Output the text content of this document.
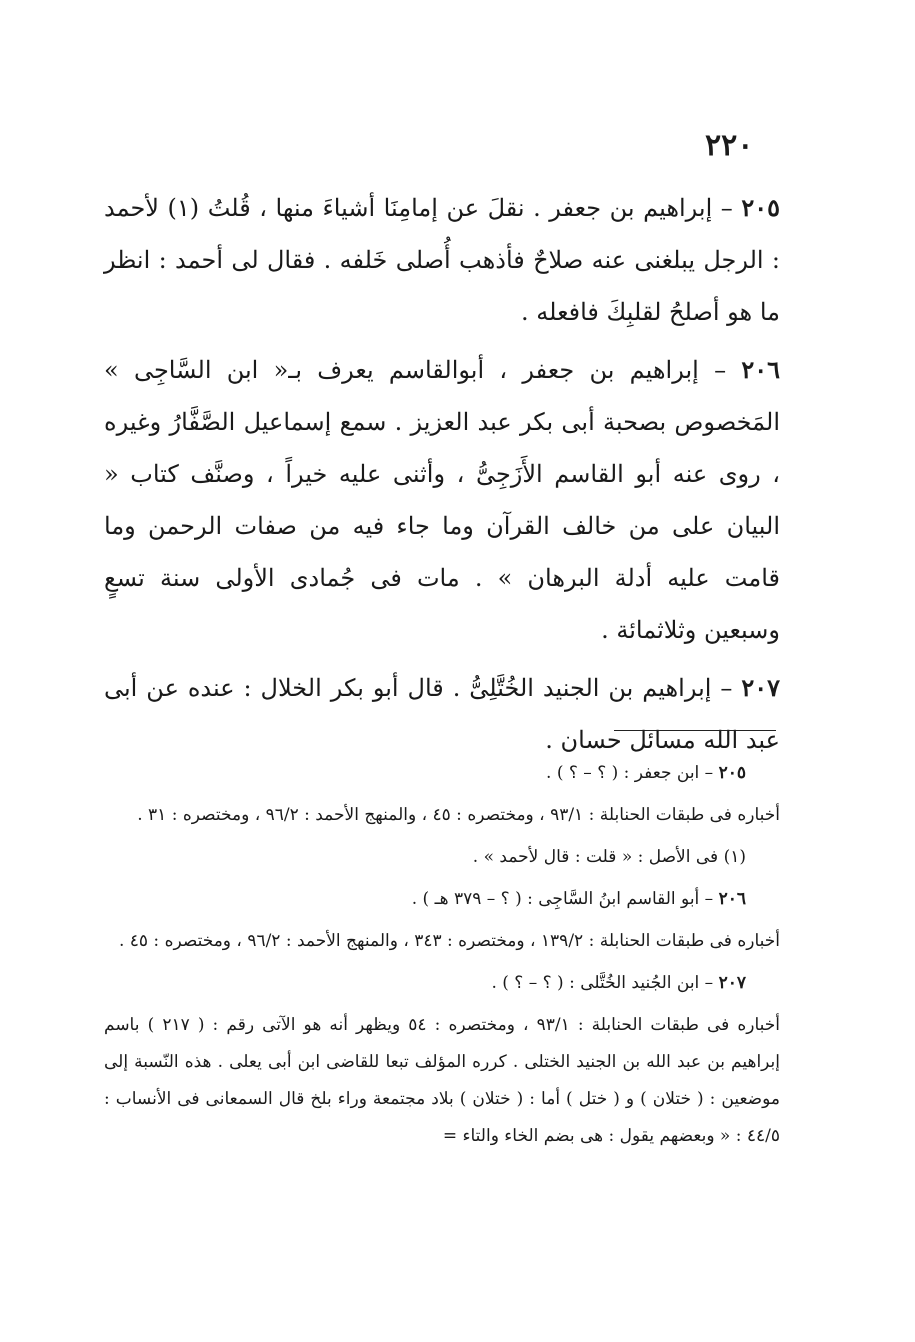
٢٢٠

٢٠٥ – إبراهيم بن جعفر . نقلَ عن إمامِنَا أشياءَ منها ، قُلتُ (١) لأحمد : الرجل يبلغنى عنه صلاحٌ فأذهب أُصلى خَلفه . فقال لى أحمد : انظر ما هو أصلحُ لقلبِكَ فافعله .

٢٠٦ – إبراهيم بن جعفر ، أبوالقاسم يعرف بـ« ابن السَّاجِى » المَخصوص بصحبة أبى بكر عبد العزيز . سمع إسماعيل الصَّفَّارُ وغيره ، روى عنه أبو القاسم الأَزَجِىُّ ، وأثنى عليه خيراً ، وصنَّف كتاب « البيان على من خالف القرآن وما جاء فيه من صفات الرحمن وما قامت عليه أدلة البرهان » . مات فى جُمادى الأولى سنة تسعٍ وسبعين وثلاثمائة .

٢٠٧ – إبراهيم بن الجنيد الخُتَّلِىُّ . قال أبو بكر الخلال : عنده عن أبى عبد الله مسائل حسان .

٢٠٥ – ابن جعفر : ( ؟ – ؟ ) .

أخباره فى طبقات الحنابلة : ٩٣/١ ، ومختصره : ٤٥ ، والمنهج الأحمد : ٩٦/٢ ، ومختصره : ٣١ .

(١) فى الأصل : « قلت : قال لأحمد » .

٢٠٦ – أبو القاسم ابنُ السَّاجِى : ( ؟ – ٣٧٩ هـ ) .

أخباره فى طبقات الحنابلة : ١٣٩/٢ ، ومختصره : ٣٤٣ ، والمنهج الأحمد : ٩٦/٢ ، ومختصره : ٤٥ .

٢٠٧ – ابن الجُنيد الخُتَّلى : ( ؟ – ؟ ) .

أخباره فى طبقات الحنابلة : ٩٣/١ ، ومختصره : ٥٤ ويظهر أنه هو الآتى رقم : ( ٢١٧ ) باسم إبراهيم بن عبد الله بن الجنيد الختلى . كرره المؤلف تبعا للقاضى ابن أبى يعلى . هذه النّسبة إلى موضعين : ( ختلان ) و ( ختل ) أما : ( ختلان ) بلاد مجتمعة وراء بلخ قال السمعانى فى الأنساب : ٤٤/٥ : « وبعضهم يقول : هى بضم الخاء والتاء =
